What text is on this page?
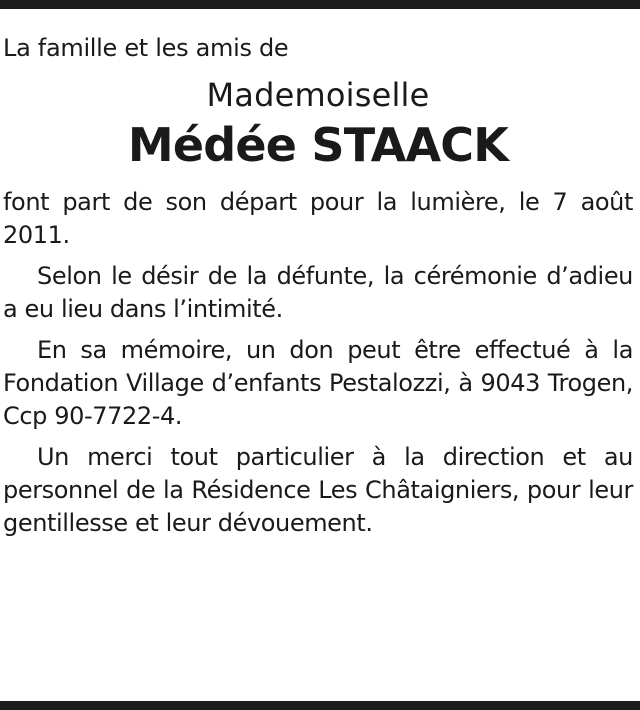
La famille et les amis de

Mademoiselle

Médée STAACK

font part de son départ pour la lumière, le 7 août 2011.

Selon le désir de la défunte, la cérémonie d’adieu a eu lieu dans l’intimité.

En sa mémoire, un don peut être effectué à la Fondation Village d’enfants Pestalozzi, à 9043 Trogen, Ccp 90-7722-4.

Un merci tout particulier à la direction et au personnel de la Résidence Les Châtaigniers, pour leur gentillesse et leur dévouement.
